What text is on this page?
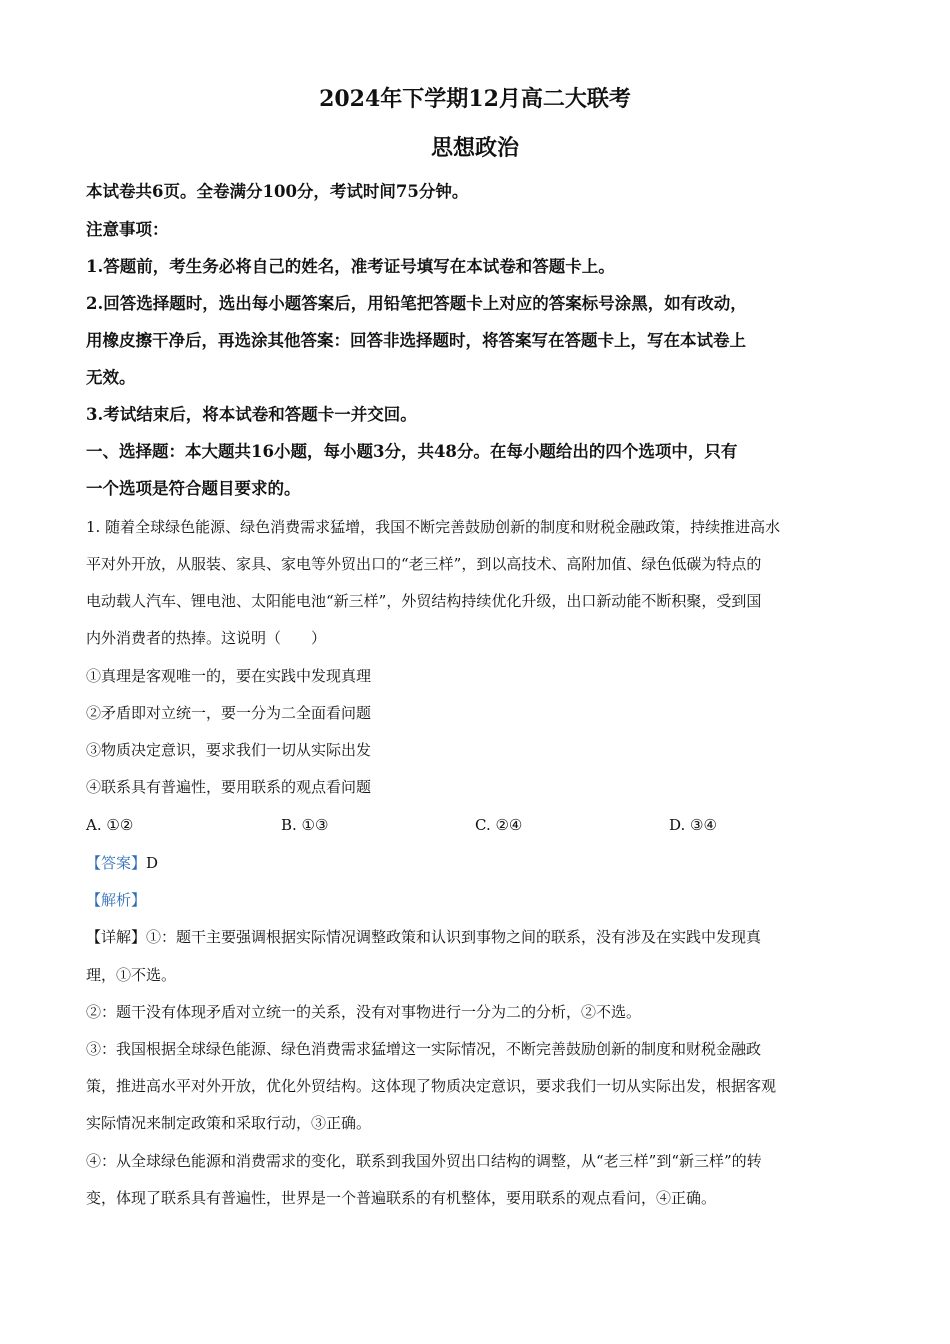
2024年下学期12月高二大联考
思想政治
本试卷共6页。全卷满分100分，考试时间75分钟。
注意事项：
1.答题前，考生务必将自己的姓名，准考证号填写在本试卷和答题卡上。
2.回答选择题时，选出每小题答案后，用铅笔把答题卡上对应的答案标号涂黑，如有改动，
用橡皮擦干净后，再选涂其他答案：回答非选择题时，将答案写在答题卡上，写在本试卷上
无效。
3.考试结束后，将本试卷和答题卡一并交回。
一、选择题：本大题共16小题，每小题3分，共48分。在每小题给出的四个选项中，只有
一个选项是符合题目要求的。
1. 随着全球绿色能源、绿色消费需求猛增，我国不断完善鼓励创新的制度和财税金融政策，持续推进高水
平对外开放，从服装、家具、家电等外贸出口的“老三样”，到以高技术、高附加值、绿色低碳为特点的
电动载人汽车、锂电池、太阳能电池“新三样”，外贸结构持续优化升级，出口新动能不断积聚，受到国
内外消费者的热捧。这说明（　　）
①真理是客观唯一的，要在实践中发现真理
②矛盾即对立统一，要一分为二全面看问题
③物质决定意识，要求我们一切从实际出发
④联系具有普遍性，要用联系的观点看问题
A. ①②	B. ①③	C. ②④	D. ③④
【答案】D
【解析】
【详解】①：题干主要强调根据实际情况调整政策和认识到事物之间的联系，没有涉及在实践中发现真
理，①不选。
②：题干没有体现矛盾对立统一的关系，没有对事物进行一分为二的分析，②不选。
③：我国根据全球绿色能源、绿色消费需求猛增这一实际情况，不断完善鼓励创新的制度和财税金融政
策，推进高水平对外开放，优化外贸结构。这体现了物质决定意识，要求我们一切从实际出发，根据客观
实际情况来制定政策和采取行动，③正确。
④：从全球绿色能源和消费需求的变化，联系到我国外贸出口结构的调整，从“老三样”到“新三样”的转
变，体现了联系具有普遍性，世界是一个普遍联系的有机整体，要用联系的观点看问，④正确。
